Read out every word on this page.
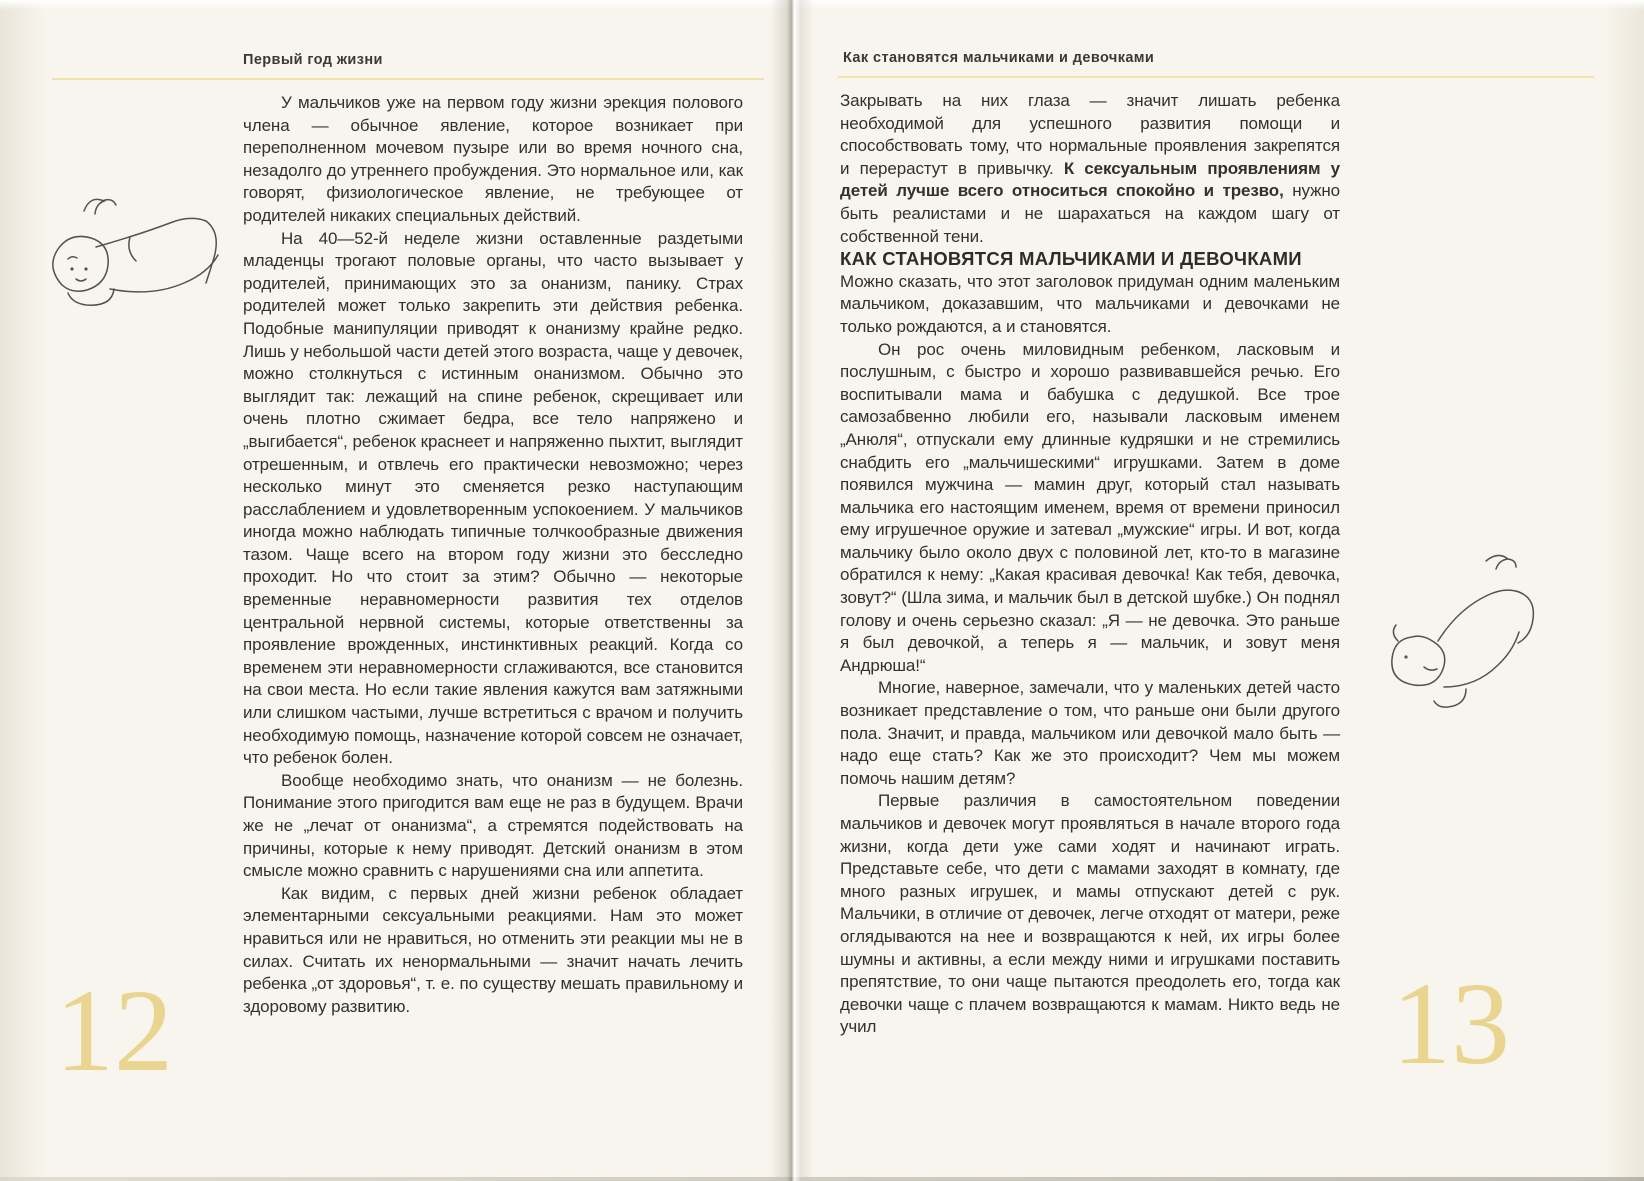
Первый год жизни

У мальчиков уже на первом году жизни эрекция полового члена — обычное явление, которое возникает при переполненном мочевом пузыре или во время ночного сна, незадолго до утреннего пробуждения. Это нормальное или, как говорят, физиологическое явление, не требующее от родителей никаких специальных действий.

На 40—52-й неделе жизни оставленные раздетыми младенцы трогают половые органы, что часто вызывает у родителей, принимающих это за онанизм, панику. Страх родителей может только закрепить эти действия ребенка. Подобные манипуляции приводят к онанизму крайне редко. Лишь у небольшой части детей этого возраста, чаще у девочек, можно столкнуться с истинным онанизмом. Обычно это выглядит так: лежащий на спине ребенок, скрещивает или очень плотно сжимает бедра, все тело напряжено и „выгибается“, ребенок краснеет и напряженно пыхтит, выглядит отрешенным, и отвлечь его практически невозможно; через несколько минут это сменяется резко наступающим расслаблением и удовлетворенным успокоением. У мальчиков иногда можно наблюдать типичные толчкообразные движения тазом. Чаще всего на втором году жизни это бесследно проходит. Но что стоит за этим? Обычно — некоторые временные неравномерности развития тех отделов центральной нервной системы, которые ответственны за проявление врожденных, инстинктивных реакций. Когда со временем эти неравномерности сглаживаются, все становится на свои места. Но если такие явления кажутся вам затяжными или слишком частыми, лучше встретиться с врачом и получить необходимую помощь, назначение которой совсем не означает, что ребенок болен.

Вообще необходимо знать, что онанизм — не болезнь. Понимание этого пригодится вам еще не раз в будущем. Врачи же не „лечат от онанизма“, а стремятся подействовать на причины, которые к нему приводят. Детский онанизм в этом смысле можно сравнить с нарушениями сна или аппетита.

Как видим, с первых дней жизни ребенок обладает элементарными сексуальными реакциями. Нам это может нравиться или не нравиться, но отменить эти реакции мы не в силах. Считать их ненормальными — значит начать лечить ребенка „от здоровья“, т. е. по существу мешать правильному и здоровому развитию.

12
Как становятся мальчиками и девочками

Закрывать на них глаза — значит лишать ребенка необходимой для успешного развития помощи и способствовать тому, что нормальные проявления закрепятся и перерастут в привычку. К сексуальным проявлениям у детей лучше всего относиться спокойно и трезво, нужно быть реалистами и не шарахаться на каждом шагу от собственной тени.

КАК СТАНОВЯТСЯ МАЛЬЧИКАМИ И ДЕВОЧКАМИ

Можно сказать, что этот заголовок придуман одним маленьким мальчиком, доказавшим, что мальчиками и девочками не только рождаются, а и становятся.

Он рос очень миловидным ребенком, ласковым и послушным, с быстро и хорошо развивавшейся речью. Его воспитывали мама и бабушка с дедушкой. Все трое самозабвенно любили его, называли ласковым именем „Анюля“, отпускали ему длинные кудряшки и не стремились снабдить его „мальчишескими“ игрушками. Затем в доме появился мужчина — мамин друг, который стал называть мальчика его настоящим именем, время от времени приносил ему игрушечное оружие и затевал „мужские“ игры. И вот, когда мальчику было около двух с половиной лет, кто-то в магазине обратился к нему: „Какая красивая девочка! Как тебя, девочка, зовут?“ (Шла зима, и мальчик был в детской шубке.) Он поднял голову и очень серьезно сказал: „Я — не девочка. Это раньше я был девочкой, а теперь я — мальчик, и зовут меня Андрюша!“

Многие, наверное, замечали, что у маленьких детей часто возникает представление о том, что раньше они были другого пола. Значит, и правда, мальчиком или девочкой мало быть — надо еще стать? Как же это происходит? Чем мы можем помочь нашим детям?

Первые различия в самостоятельном поведении мальчиков и девочек могут проявляться в начале второго года жизни, когда дети уже сами ходят и начинают играть. Представьте себе, что дети с мамами заходят в комнату, где много разных игрушек, и мамы отпускают детей с рук. Мальчики, в отличие от девочек, легче отходят от матери, реже оглядываются на нее и возвращаются к ней, их игры более шумны и активны, а если между ними и игрушками поставить препятствие, то они чаще пытаются преодолеть его, тогда как девочки чаще с плачем возвращаются к мамам. Никто ведь не учил	13
